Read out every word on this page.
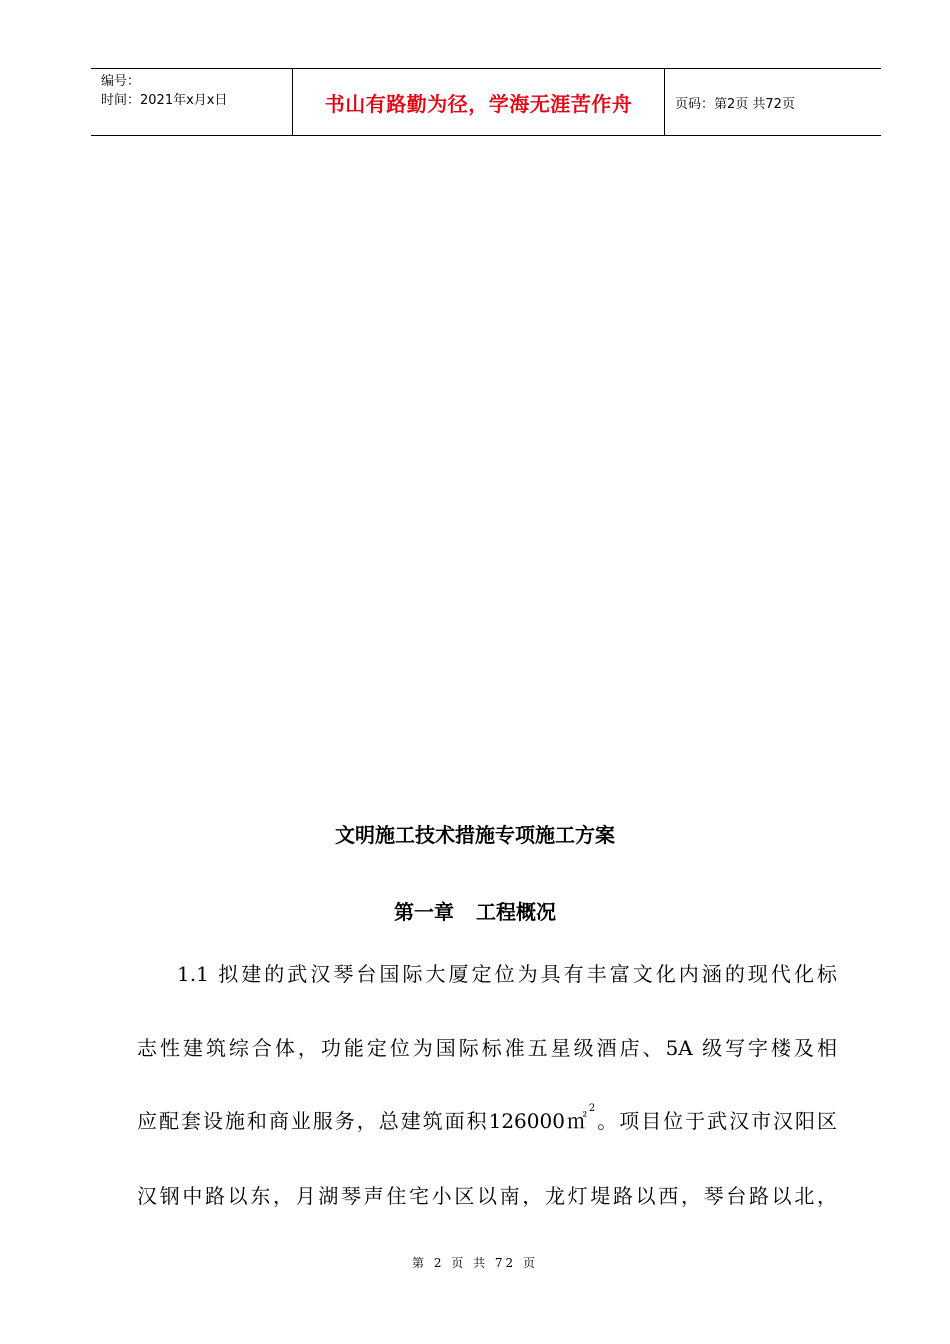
编号：
时间：2021年x月x日	书山有路勤为径，学海无涯苦作舟	页码：第2页 共72页
文明施工技术措施专项施工方案
第一章 工程概况
1.1 拟建的武汉琴台国际大厦定位为具有丰富文化内涵的现代化标
志性建筑综合体，功能定位为国际标准五星级酒店、5A 级写字楼及相
应配套设施和商业服务，总建筑面积126000㎡$^2$。项目位于武汉市汉阳区
汉钢中路以东，月湖琴声住宅小区以南，龙灯堤路以西，琴台路以北，
第 2 页 共 72 页
